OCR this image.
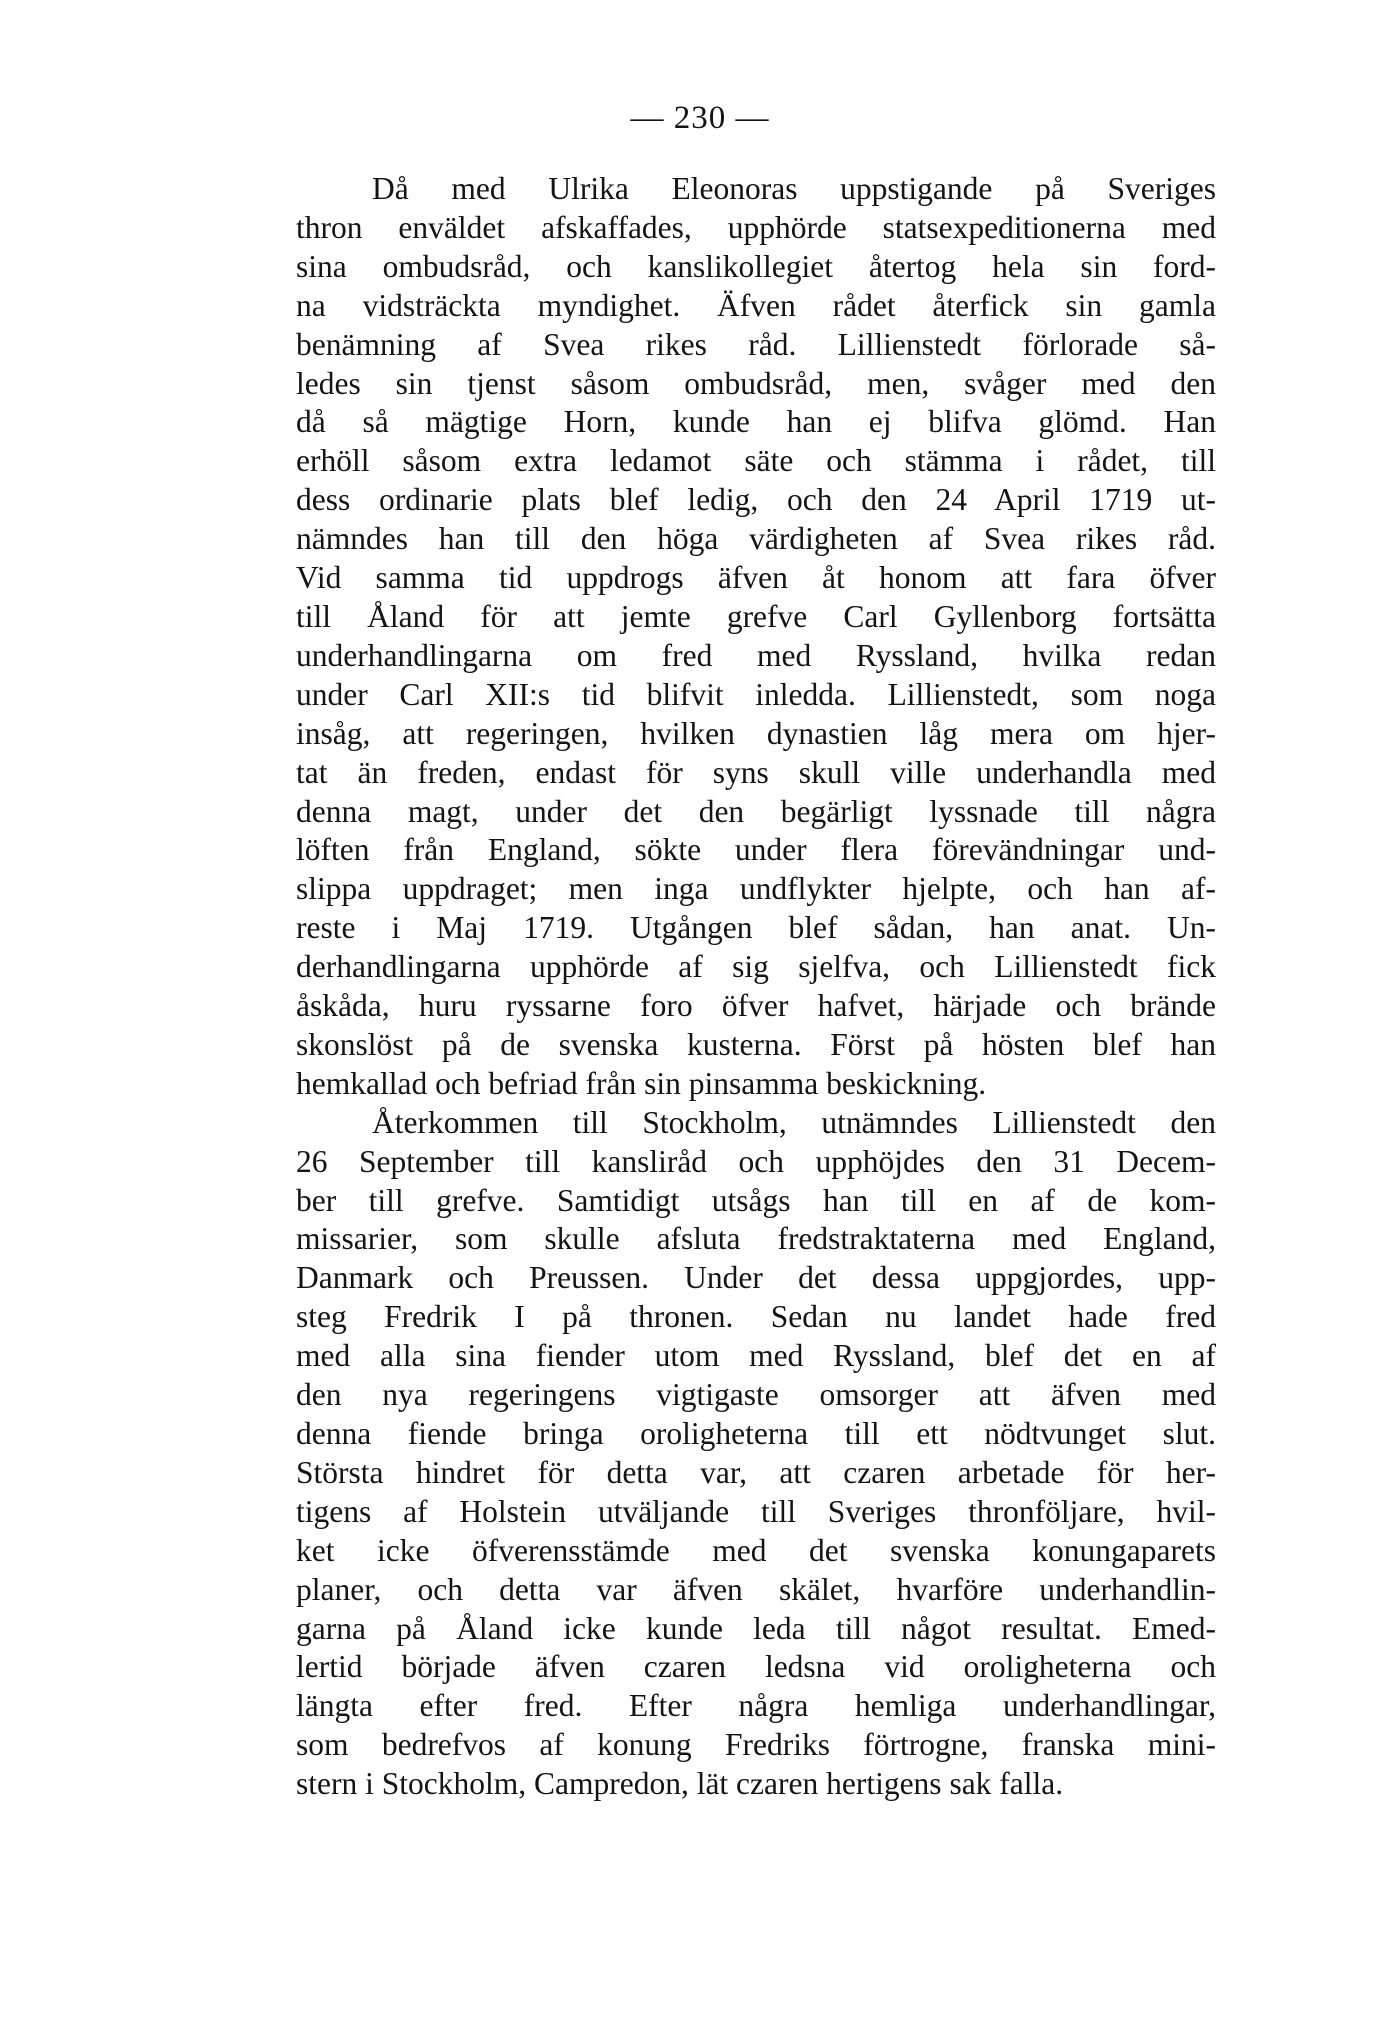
— 230 —
Då med Ulrika Eleonoras uppstigande på Sveriges
thron enväldet afskaffades, upphörde statsexpeditionerna med
sina ombudsråd, och kanslikollegiet återtog hela sin ford-
na vidsträckta myndighet. Äfven rådet återfick sin gamla
benämning af Svea rikes råd. Lillienstedt förlorade så-
ledes sin tjenst såsom ombudsråd, men, svåger med den
då så mägtige Horn, kunde han ej blifva glömd. Han
erhöll såsom extra ledamot säte och stämma i rådet, till
dess ordinarie plats blef ledig, och den 24 April 1719 ut-
nämndes han till den höga värdigheten af Svea rikes råd.
Vid samma tid uppdrogs äfven åt honom att fara öfver
till Åland för att jemte grefve Carl Gyllenborg fortsätta
underhandlingarna om fred med Ryssland, hvilka redan
under Carl XII:s tid blifvit inledda. Lillienstedt, som noga
insåg, att regeringen, hvilken dynastien låg mera om hjer-
tat än freden, endast för syns skull ville underhandla med
denna magt, under det den begärligt lyssnade till några
löften från England, sökte under flera förevändningar und-
slippa uppdraget; men inga undflykter hjelpte, och han af-
reste i Maj 1719. Utgången blef sådan, han anat. Un-
derhandlingarna upphörde af sig sjelfva, och Lillienstedt fick
åskåda, huru ryssarne foro öfver hafvet, härjade och brände
skonslöst på de svenska kusterna. Först på hösten blef han
hemkallad och befriad från sin pinsamma beskickning.
Återkommen till Stockholm, utnämndes Lillienstedt den
26 September till kansliråd och upphöjdes den 31 Decem-
ber till grefve. Samtidigt utsågs han till en af de kom-
missarier, som skulle afsluta fredstraktaterna med England,
Danmark och Preussen. Under det dessa uppgjordes, upp-
steg Fredrik I på thronen. Sedan nu landet hade fred
med alla sina fiender utom med Ryssland, blef det en af
den nya regeringens vigtigaste omsorger att äfven med
denna fiende bringa oroligheterna till ett nödtvunget slut.
Största hindret för detta var, att czaren arbetade för her-
tigens af Holstein utväljande till Sveriges thronföljare, hvil-
ket icke öfverensstämde med det svenska konungaparets
planer, och detta var äfven skälet, hvarföre underhandlin-
garna på Åland icke kunde leda till något resultat. Emed-
lertid började äfven czaren ledsna vid oroligheterna och
längta efter fred. Efter några hemliga underhandlingar,
som bedrefvos af konung Fredriks förtrogne, franska mini-
stern i Stockholm, Campredon, lät czaren hertigens sak falla.
